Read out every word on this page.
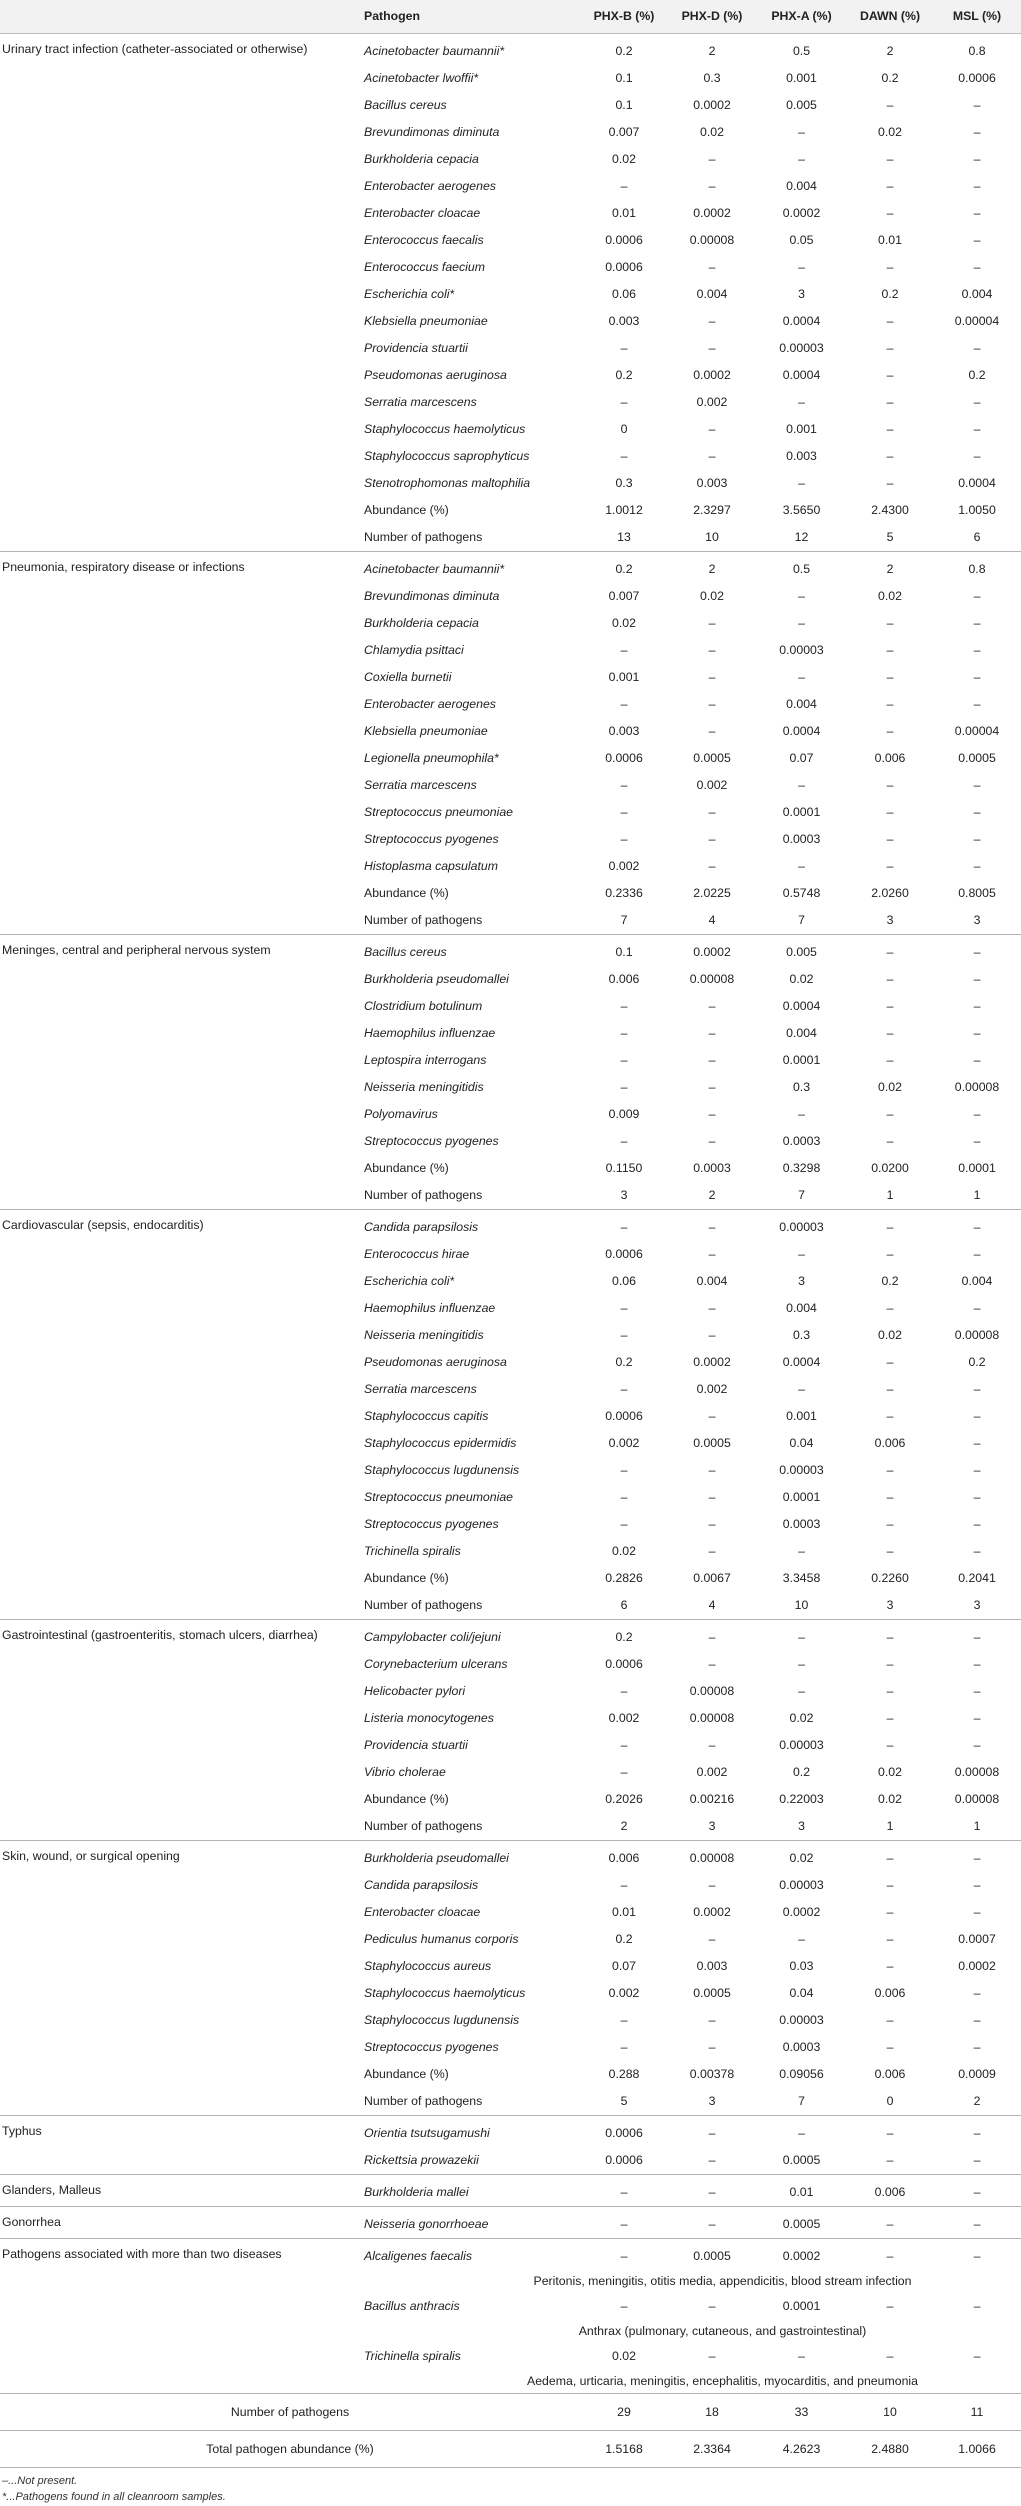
	Pathogen	PHX-B (%)	PHX-D (%)	PHX-A (%)	DAWN (%)	MSL (%)
Urinary tract infection (catheter-associated or otherwise)	Acinetobacter baumannii*	0.2	2	0.5	2	0.8
	Acinetobacter lwoffii*	0.1	0.3	0.001	0.2	0.0006
	Bacillus cereus	0.1	0.0002	0.005	–	–
	Brevundimonas diminuta	0.007	0.02	–	0.02	–
	Burkholderia cepacia	0.02	–	–	–	–
	Enterobacter aerogenes	–	–	0.004	–	–
	Enterobacter cloacae	0.01	0.0002	0.0002	–	–
	Enterococcus faecalis	0.0006	0.00008	0.05	0.01	–
	Enterococcus faecium	0.0006	–	–	–	–
	Escherichia coli*	0.06	0.004	3	0.2	0.004
	Klebsiella pneumoniae	0.003	–	0.0004	–	0.00004
	Providencia stuartii	–	–	0.00003	–	–
	Pseudomonas aeruginosa	0.2	0.0002	0.0004	–	0.2
	Serratia marcescens	–	0.002	–	–	–
	Staphylococcus haemolyticus	0	–	0.001	–	–
	Staphylococcus saprophyticus	–	–	0.003	–	–
	Stenotrophomonas maltophilia	0.3	0.003	–	–	0.0004
	Abundance (%)	1.0012	2.3297	3.5650	2.4300	1.0050
	Number of pathogens	13	10	12	5	6
Pneumonia, respiratory disease or infections	Acinetobacter baumannii*	0.2	2	0.5	2	0.8
	Brevundimonas diminuta	0.007	0.02	–	0.02	–
	Burkholderia cepacia	0.02	–	–	–	–
	Chlamydia psittaci	–	–	0.00003	–	–
	Coxiella burnetii	0.001	–	–	–	–
	Enterobacter aerogenes	–	–	0.004	–	–
	Klebsiella pneumoniae	0.003	–	0.0004	–	0.00004
	Legionella pneumophila*	0.0006	0.0005	0.07	0.006	0.0005
	Serratia marcescens	–	0.002	–	–	–
	Streptococcus pneumoniae	–	–	0.0001	–	–
	Streptococcus pyogenes	–	–	0.0003	–	–
	Histoplasma capsulatum	0.002	–	–	–	–
	Abundance (%)	0.2336	2.0225	0.5748	2.0260	0.8005
	Number of pathogens	7	4	7	3	3
Meninges, central and peripheral nervous system	Bacillus cereus	0.1	0.0002	0.005	–	–
	Burkholderia pseudomallei	0.006	0.00008	0.02	–	–
	Clostridium botulinum	–	–	0.0004	–	–
	Haemophilus influenzae	–	–	0.004	–	–
	Leptospira interrogans	–	–	0.0001	–	–
	Neisseria meningitidis	–	–	0.3	0.02	0.00008
	Polyomavirus	0.009	–	–	–	–
	Streptococcus pyogenes	–	–	0.0003	–	–
	Abundance (%)	0.1150	0.0003	0.3298	0.0200	0.0001
	Number of pathogens	3	2	7	1	1
Cardiovascular (sepsis, endocarditis)	Candida parapsilosis	–	–	0.00003	–	–
	Enterococcus hirae	0.0006	–	–	–	–
	Escherichia coli*	0.06	0.004	3	0.2	0.004
	Haemophilus influenzae	–	–	0.004	–	–
	Neisseria meningitidis	–	–	0.3	0.02	0.00008
	Pseudomonas aeruginosa	0.2	0.0002	0.0004	–	0.2
	Serratia marcescens	–	0.002	–	–	–
	Staphylococcus capitis	0.0006	–	0.001	–	–
	Staphylococcus epidermidis	0.002	0.0005	0.04	0.006	–
	Staphylococcus lugdunensis	–	–	0.00003	–	–
	Streptococcus pneumoniae	–	–	0.0001	–	–
	Streptococcus pyogenes	–	–	0.0003	–	–
	Trichinella spiralis	0.02	–	–	–	–
	Abundance (%)	0.2826	0.0067	3.3458	0.2260	0.2041
	Number of pathogens	6	4	10	3	3
Gastrointestinal (gastroenteritis, stomach ulcers, diarrhea)	Campylobacter coli/jejuni	0.2	–	–	–	–
	Corynebacterium ulcerans	0.0006	–	–	–	–
	Helicobacter pylori	–	0.00008	–	–	–
	Listeria monocytogenes	0.002	0.00008	0.02	–	–
	Providencia stuartii	–	–	0.00003	–	–
	Vibrio cholerae	–	0.002	0.2	0.02	0.00008
	Abundance (%)	0.2026	0.00216	0.22003	0.02	0.00008
	Number of pathogens	2	3	3	1	1
Skin, wound, or surgical opening	Burkholderia pseudomallei	0.006	0.00008	0.02	–	–
	Candida parapsilosis	–	–	0.00003	–	–
	Enterobacter cloacae	0.01	0.0002	0.0002	–	–
	Pediculus humanus corporis	0.2	–	–	–	0.0007
	Staphylococcus aureus	0.07	0.003	0.03	–	0.0002
	Staphylococcus haemolyticus	0.002	0.0005	0.04	0.006	–
	Staphylococcus lugdunensis	–	–	0.00003	–	–
	Streptococcus pyogenes	–	–	0.0003	–	–
	Abundance (%)	0.288	0.00378	0.09056	0.006	0.0009
	Number of pathogens	5	3	7	0	2
Typhus	Orientia tsutsugamushi	0.0006	–	–	–	–
	Rickettsia prowazekii	0.0006	–	0.0005	–	–
Glanders, Malleus	Burkholderia mallei	–	–	0.01	0.006	–
Gonorrhea	Neisseria gonorrhoeae	–	–	0.0005	–	–
Pathogens associated with more than two diseases	Alcaligenes faecalis	–	0.0005	0.0002	–	–
	Peritonis, meningitis, otitis media, appendicitis, blood stream infection					
	Bacillus anthracis	–	–	0.0001	–	–
	Anthrax (pulmonary, cutaneous, and gastrointestinal)					
	Trichinella spiralis	0.02	–	–	–	–
	Aedema, urticaria, meningitis, encephalitis, myocarditis, and pneumonia					
Number of pathogens		29	18	33	10	11
Total pathogen abundance (%)		1.5168	2.3364	4.2623	2.4880	1.0066
–...Not present.
*...Pathogens found in all cleanroom samples.
